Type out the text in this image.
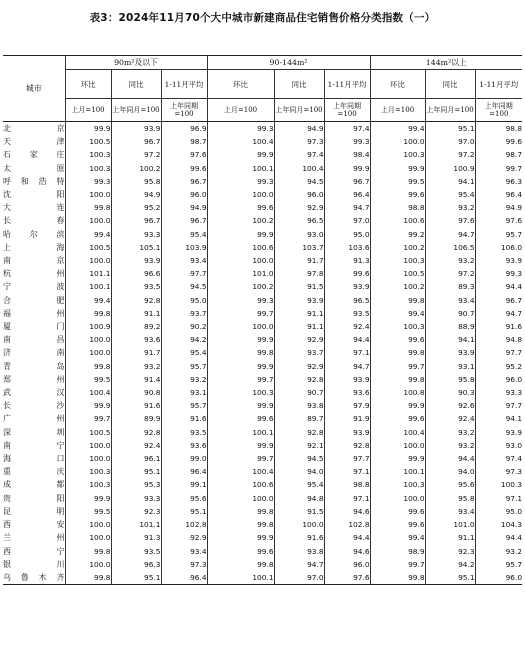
表3：2024年11月70个大中城市新建商品住宅销售价格分类指数（一）
城市	90m²及以下			90-144m²			144m²以上		
	环比	同比	1-11月平均	环比	同比	1-11月平均	环比	同比	1-11月平均
	上月=100	上年同月=100	上年同期=100	上月=100	上年同月=100	上年同期=100	上月=100	上年同月=100	上年同期=100
北京	99.9	93.9	96.9	99.3	94.9	97.4	99.4	95.1	98.8
天津	100.5	96.7	98.7	100.4	97.3	99.3	100.0	97.0	99.6
石家庄	100.3	97.2	97.6	99.9	97.4	98.4	100.3	97.2	98.7
太原	100.3	100.2	99.6	100.1	100.4	99.9	99.9	100.9	99.7
呼和浩特	99.3	95.8	96.7	99.3	94.5	96.7	99.5	94.1	96.3
沈阳	100.0	94.9	96.0	100.0	96.0	96.4	99.6	95.4	96.4
大连	99.8	95.2	94.9	99.6	92.9	94.7	98.8	93.2	94.9
长春	100.0	96.7	96.7	100.2	96.5	97.0	100.6	97.6	97.6
哈尔滨	99.4	93.3	95.4	99.9	93.0	95.0	99.2	94.7	95.7
上海	100.5	105.1	103.9	100.6	103.7	103.6	100.2	106.5	106.0
南京	100.0	93.9	93.4	100.0	91.7	91.3	100.3	93.2	93.9
杭州	101.1	96.6	97.7	101.0	97.8	99.6	100.5	97.2	99.3
宁波	100.1	93.5	94.5	100.2	91.5	93.9	100.2	89.3	94.4
合肥	99.4	92.8	95.0	99.3	93.9	96.5	99.8	93.4	96.7
福州	99.8	91.1	93.7	99.7	91.1	93.5	99.4	90.7	94.7
厦门	100.9	89.2	90.2	100.0	91.1	92.4	100.3	88.9	91.6
南昌	100.0	93.6	94.2	99.9	92.9	94.4	99.6	94.1	94.8
济南	100.0	91.7	95.4	99.8	93.7	97.1	99.8	93.9	97.7
青岛	99.8	93.2	95.7	99.9	92.9	94.7	99.7	93.1	95.2
郑州	99.5	91.4	93.2	99.7	92.8	93.9	99.8	95.8	96.0
武汉	100.4	90.8	93.1	100.3	90.7	93.6	100.8	90.3	93.3
长沙	99.9	91.6	95.7	99.9	93.8	97.9	99.9	92.6	97.7
广州	99.7	89.9	91.6	99.6	89.7	91.9	99.6	92.4	94.1
深圳	100.5	92.8	93.5	100.1	92.8	93.9	100.4	93.2	93.9
南宁	100.0	92.4	93.6	99.9	92.1	92.8	100.0	93.2	93.0
海口	100.0	96.1	99.0	99.7	94.5	97.7	99.9	94.4	97.4
重庆	100.3	95.1	96.4	100.4	94.0	97.1	100.1	94.0	97.3
成都	100.3	95.3	99.1	100.6	95.4	98.8	100.3	95.6	100.3
贵阳	99.9	93.3	95.6	100.0	94.8	97.1	100.0	95.8	97.1
昆明	99.5	92.3	95.1	99.8	91.5	94.6	99.6	93.4	95.0
西安	100.0	101.1	102.8	99.8	100.0	102.8	99.6	101.0	104.3
兰州	100.0	91.3	92.9	99.9	91.6	94.4	99.4	91.1	94.4
西宁	99.8	93.5	93.4	99.6	93.8	94.6	98.9	92.3	93.2
银川	100.0	96.3	97.3	99.8	94.7	96.0	99.7	94.2	95.7
乌鲁木齐	99.8	95.1	96.4	100.1	97.0	97.6	99.8	95.1	96.0
